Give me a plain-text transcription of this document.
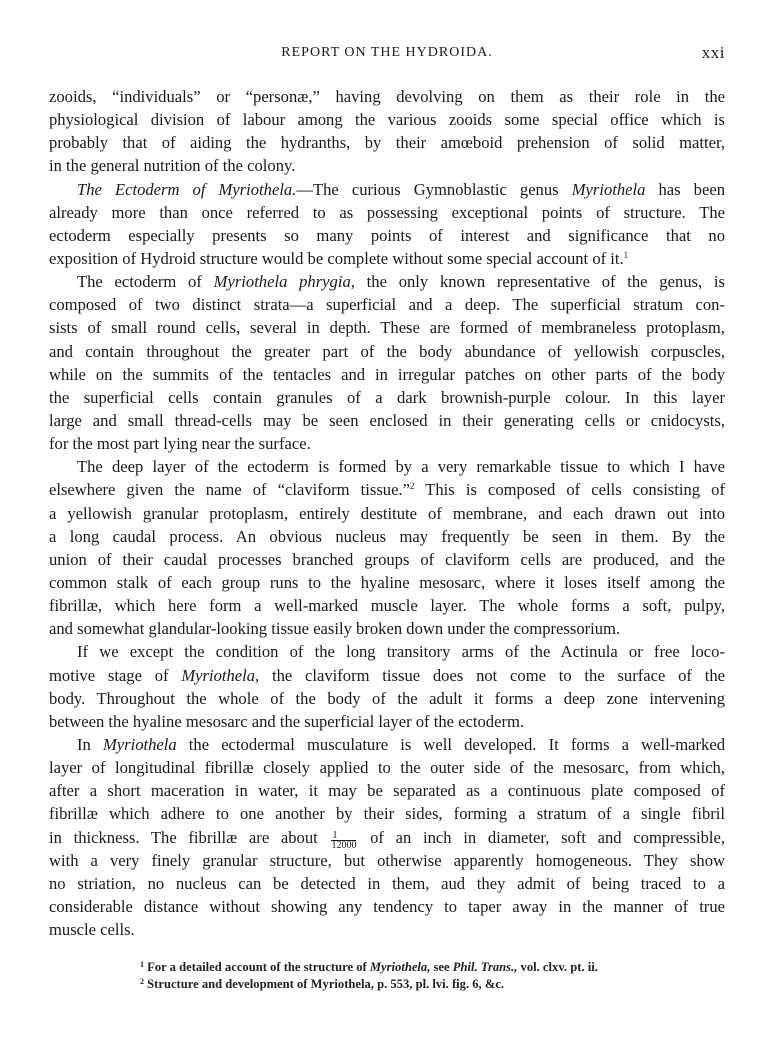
REPORT ON THE HYDROIDA.	xxi
zooids, “individuals” or “personæ,” having devolving on them as their role in the
physiological division of labour among the various zooids some special office which is
probably that of aiding the hydranths, by their amœboid prehension of solid matter,
in the general nutrition of the colony.
The Ectoderm of Myriothela.—The curious Gymnoblastic genus Myriothela has been
already more than once referred to as possessing exceptional points of structure. The
ectoderm especially presents so many points of interest and significance that no
exposition of Hydroid structure would be complete without some special account of it.$^1$
The ectoderm of Myriothela phrygia, the only known representative of the genus, is
composed of two distinct strata—a superficial and a deep. The superficial stratum con-
sists of small round cells, several in depth. These are formed of membraneless protoplasm,
and contain throughout the greater part of the body abundance of yellowish corpuscles,
while on the summits of the tentacles and in irregular patches on other parts of the body
the superficial cells contain granules of a dark brownish-purple colour. In this layer
large and small thread-cells may be seen enclosed in their generating cells or cnidocysts,
for the most part lying near the surface.
The deep layer of the ectoderm is formed by a very remarkable tissue to which I have
elsewhere given the name of “claviform tissue.”$^2$ This is composed of cells consisting of
a yellowish granular protoplasm, entirely destitute of membrane, and each drawn out into
a long caudal process. An obvious nucleus may frequently be seen in them. By the
union of their caudal processes branched groups of claviform cells are produced, and the
common stalk of each group runs to the hyaline mesosarc, where it loses itself among the
fibrillæ, which here form a well-marked muscle layer. The whole forms a soft, pulpy,
and somewhat glandular-looking tissue easily broken down under the compressorium.
If we except the condition of the long transitory arms of the Actinula or free loco-
motive stage of Myriothela, the claviform tissue does not come to the surface of the
body. Throughout the whole of the body of the adult it forms a deep zone intervening
between the hyaline mesosarc and the superficial layer of the ectoderm.
In Myriothela the ectodermal musculature is well developed. It forms a well-marked
layer of longitudinal fibrillæ closely applied to the outer side of the mesosarc, from which,
after a short maceration in water, it may be separated as a continuous plate composed of
fibrillæ which adhere to one another by their sides, forming a stratum of a single fibril
in thickness. The fibrillæ are about $\frac{1}{12000}$ of an inch in diameter, soft and compressible,
with a very finely granular structure, but otherwise apparently homogeneous. They show
no striation, no nucleus can be detected in them, aud they admit of being traced to a
considerable distance without showing any tendency to taper away in the manner of true
muscle cells.
$^1$ For a detailed account of the structure of Myriothela, see Phil. Trans., vol. clxv. pt. ii.
$^2$ Structure and development of Myriothela, p. 553, pl. lvi. fig. 6, &c.
